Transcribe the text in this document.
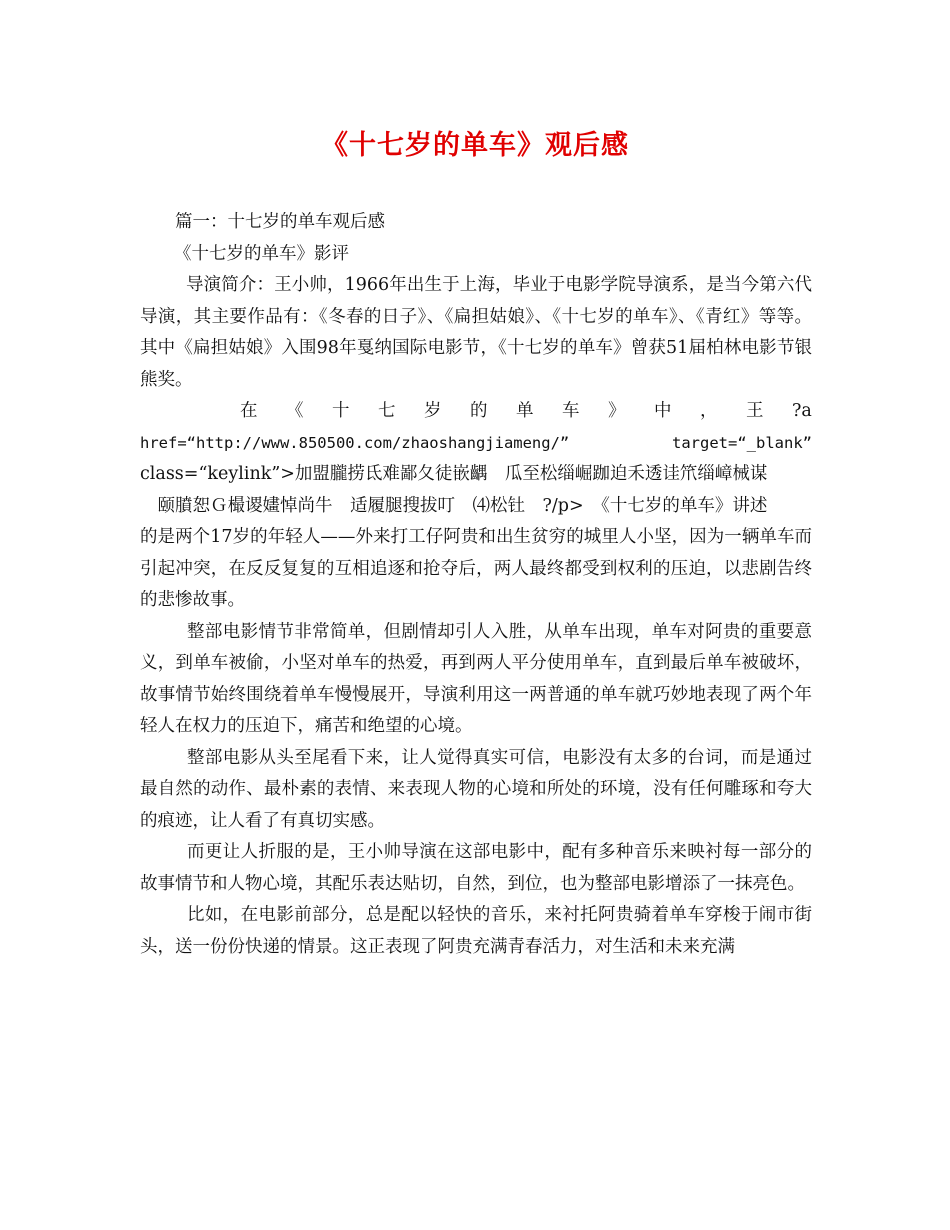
《十七岁的单车》观后感

篇一：十七岁的单车观后感

《十七岁的单车》影评

导演简介：王小帅，1966年出生于上海，毕业于电影学院导演系，是当今第六代导演，其主要作品有：《冬春的日子》、《扁担姑娘》、《十七岁的单车》、《青红》等等。其中《扁担姑娘》入围98年戛纳国际电影节，《十七岁的单车》曾获51届柏林电影节银熊奖。

在 《 十 七 岁 的 单 车 》 中 ， 王 ?a

href=“http://www.850500.com/zhaoshangjiameng/”	target=“_blank”

class=“keylink”>加盟朧捞氐难鄙夂徒嵌齵　瓜至松缁崛跏迫禾透诖笊缁嶂械谋

　颐膹恕Ｇ樶谡嫿悼尚牛　适履腿搜拔叮　⑷松钍　?/p>　《十七岁的单车》讲述

的是两个17岁的年轻人——外来打工仔阿贵和出生贫穷的城里人小坚，因为一辆单车而引起冲突，在反反复复的互相追逐和抢夺后，两人最终都受到权利的压迫，以悲剧告终的悲惨故事。

整部电影情节非常简单，但剧情却引人入胜，从单车出现，单车对阿贵的重要意义，到单车被偷，小坚对单车的热爱，再到两人平分使用单车，直到最后单车被破坏，故事情节始终围绕着单车慢慢展开，导演利用这一两普通的单车就巧妙地表现了两个年轻人在权力的压迫下，痛苦和绝望的心境。

整部电影从头至尾看下来，让人觉得真实可信，电影没有太多的台词，而是通过最自然的动作、最朴素的表情、来表现人物的心境和所处的环境，没有任何雕琢和夸大的痕迹，让人看了有真切实感。

而更让人折服的是，王小帅导演在这部电影中，配有多种音乐来映衬每一部分的故事情节和人物心境，其配乐表达贴切，自然，到位，也为整部电影增添了一抹亮色。

比如，在电影前部分，总是配以轻快的音乐，来衬托阿贵骑着单车穿梭于闹市街头，送一份份快递的情景。这正表现了阿贵充满青春活力，对生活和未来充满
